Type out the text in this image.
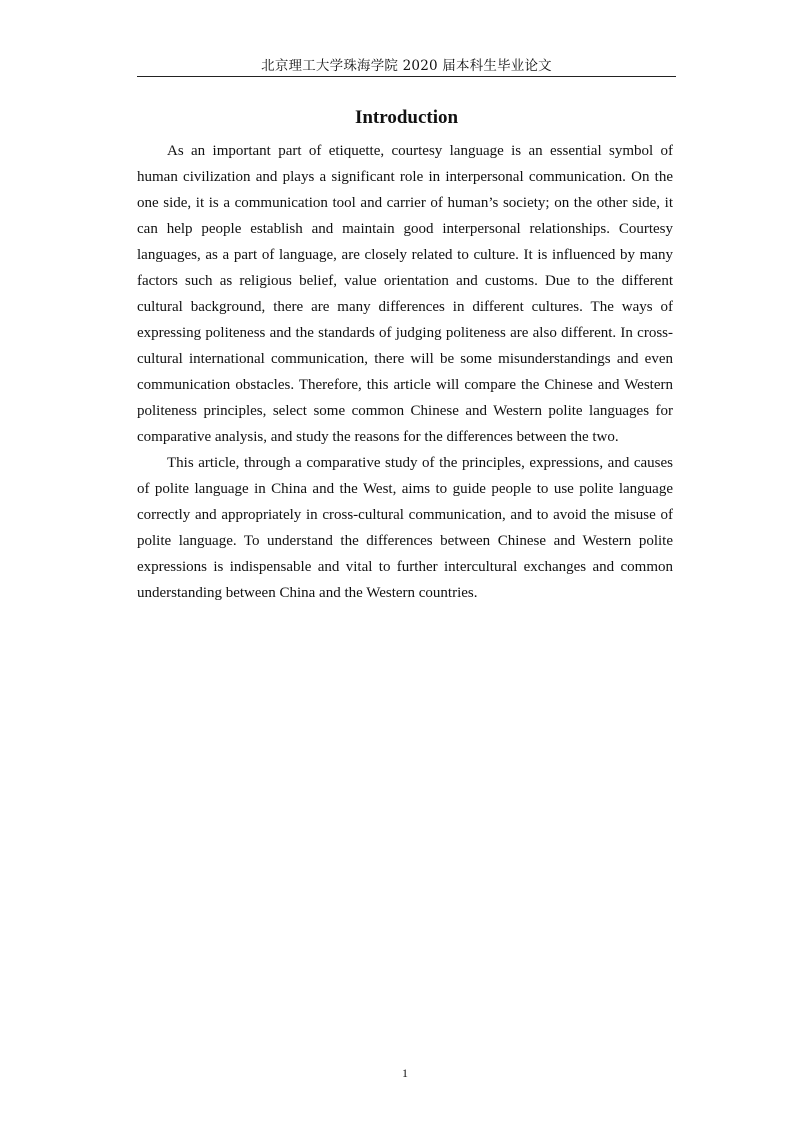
北京理工大学珠海学院 2020 届本科生毕业论文
Introduction

As an important part of etiquette, courtesy language is an essential symbol of human civilization and plays a significant role in interpersonal communication. On the one side, it is a communication tool and carrier of human’s society; on the other side, it can help people establish and maintain good interpersonal relationships. Courtesy languages, as a part of language, are closely related to culture. It is influenced by many factors such as religious belief, value orientation and customs. Due to the different cultural background, there are many differences in different cultures. The ways of expressing politeness and the standards of judging politeness are also different. In cross-cultural international communication, there will be some misunderstandings and even communication obstacles. Therefore, this article will compare the Chinese and Western politeness principles, select some common Chinese and Western polite languages for comparative analysis, and study the reasons for the differences between the two.

This article, through a comparative study of the principles, expressions, and causes of polite language in China and the West, aims to guide people to use polite language correctly and appropriately in cross-cultural communication, and to avoid the misuse of polite language. To understand the differences between Chinese and Western polite expressions is indispensable and vital to further intercultural exchanges and common understanding between China and the Western countries.

1
